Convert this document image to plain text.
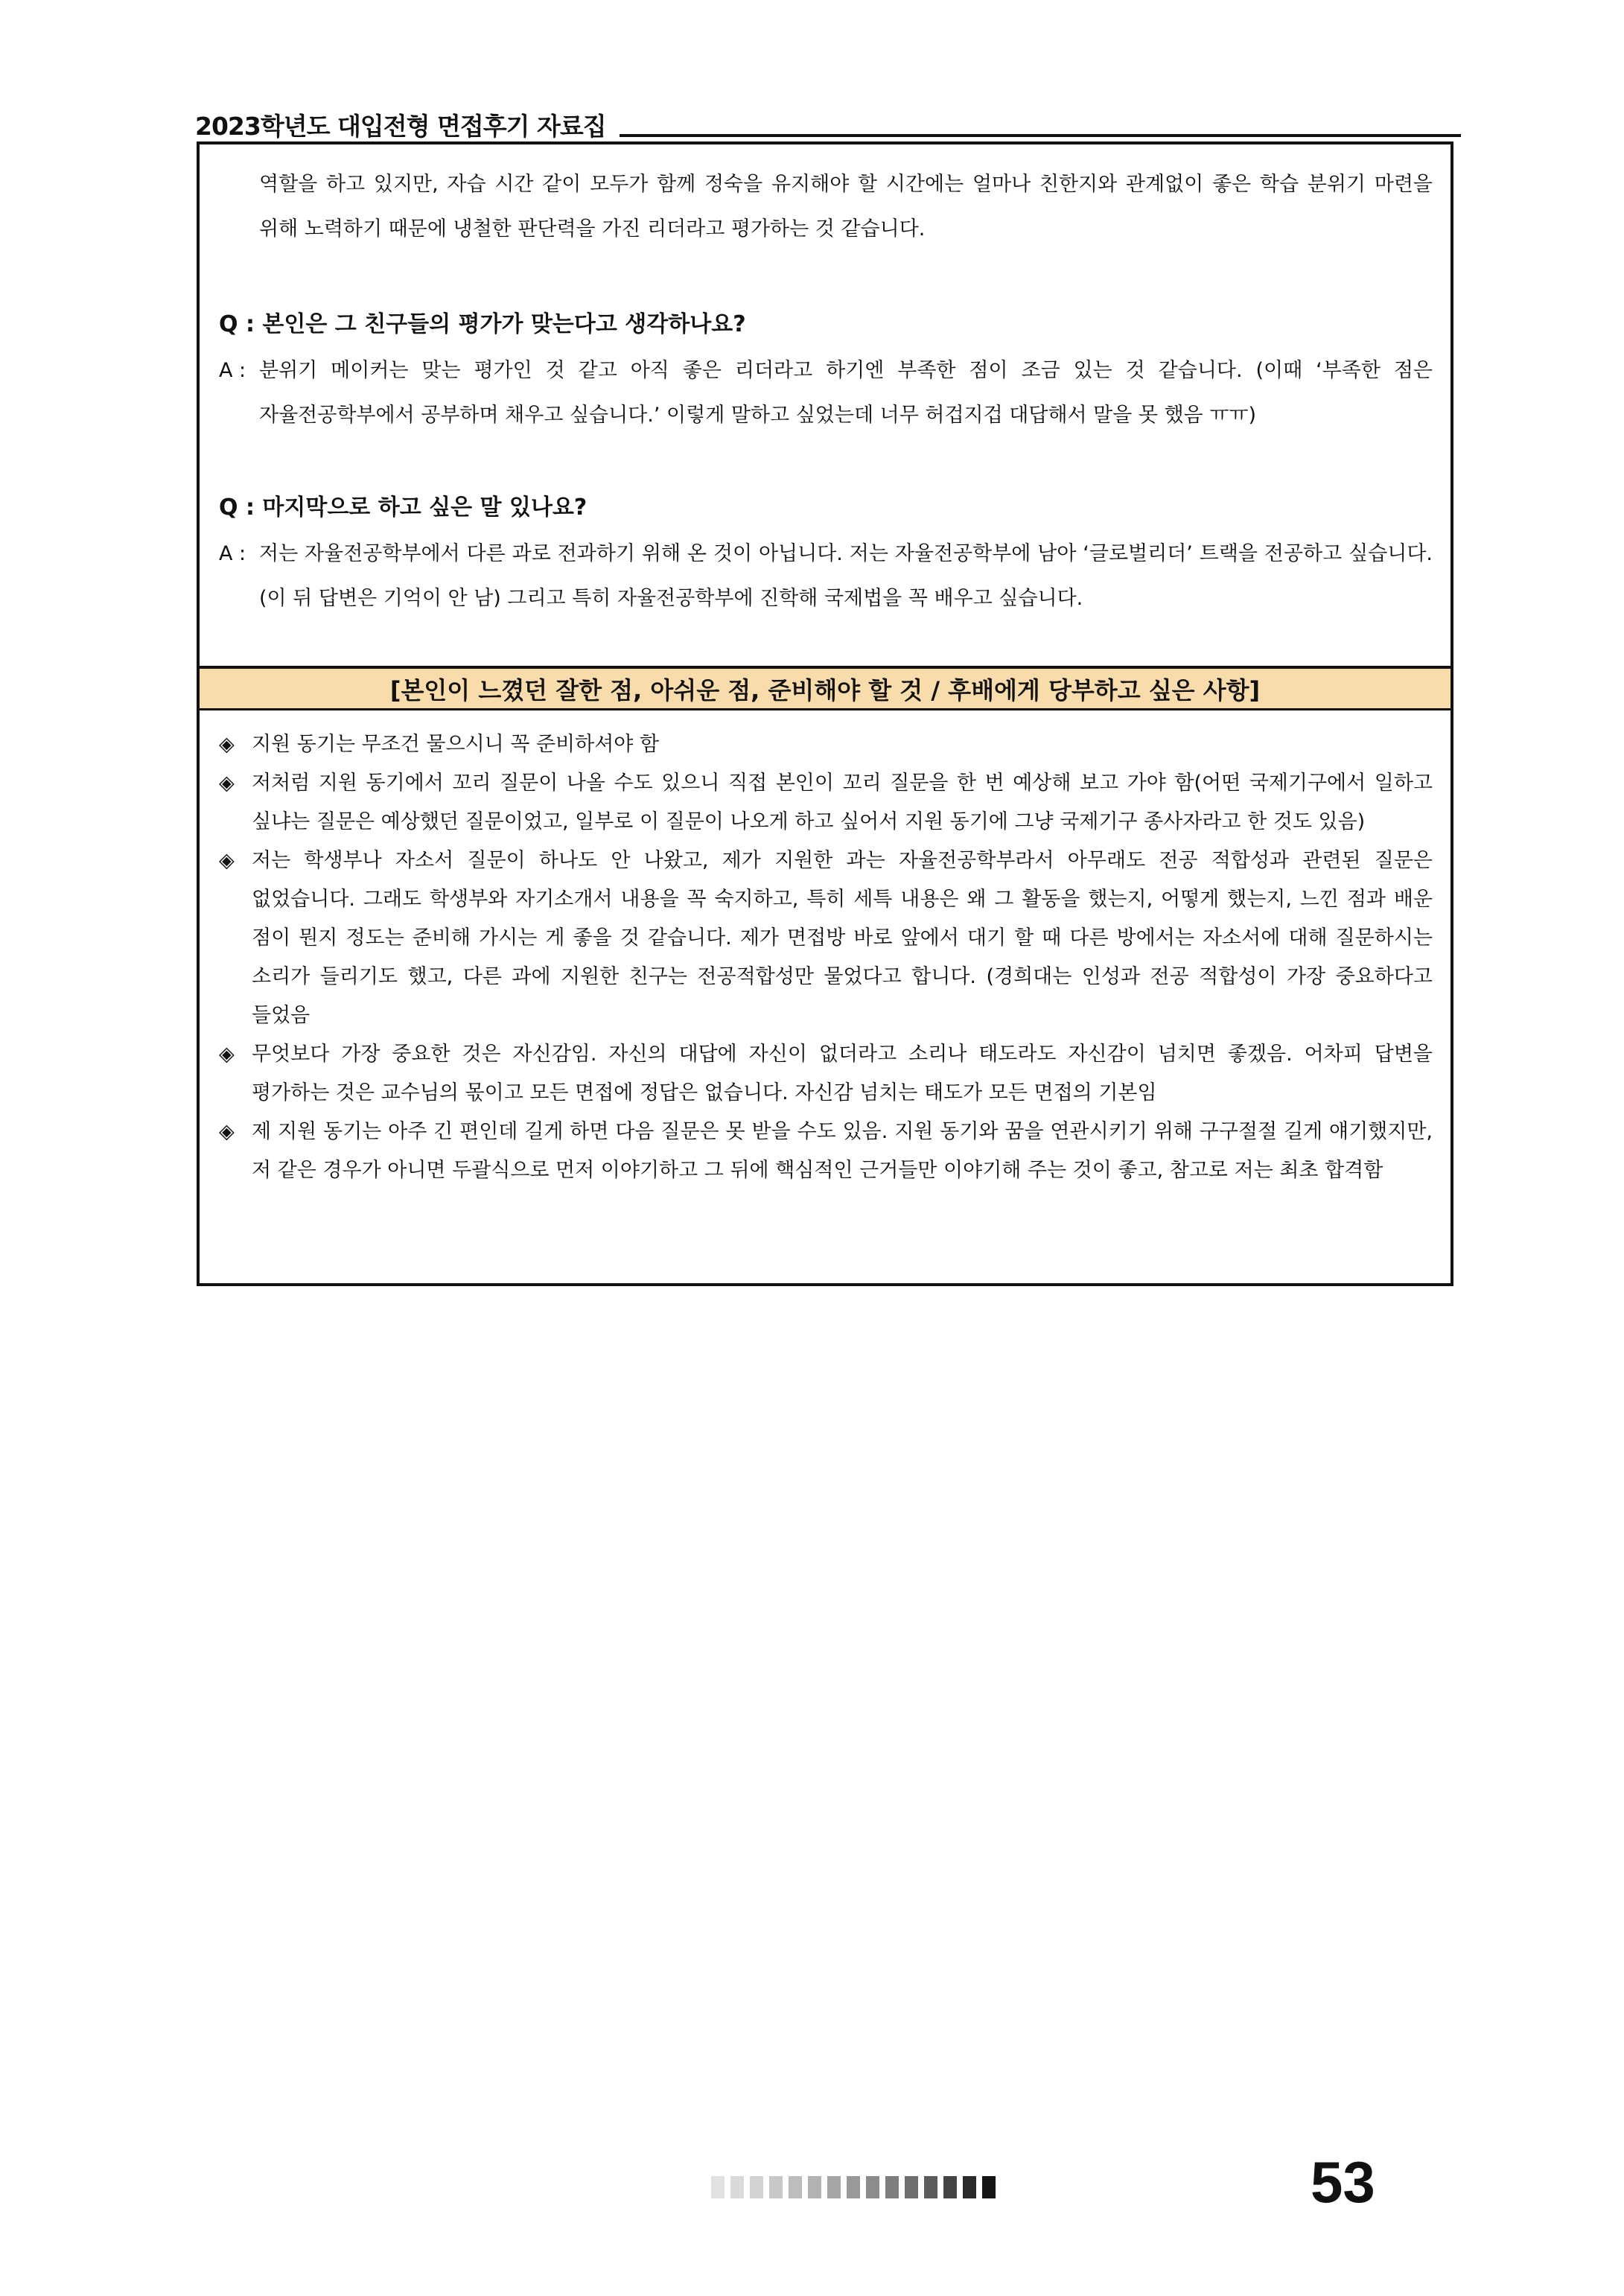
2023학년도 대입전형 면접후기 자료집

역할을 하고 있지만, 자습 시간 같이 모두가 함께 정숙을 유지해야 할 시간에는 얼마나 친한지와 관계없이 좋은 학습 분위기 마련을 위해 노력하기 때문에 냉철한 판단력을 가진 리더라고 평가하는 것 같습니다.

Q : 본인은 그 친구들의 평가가 맞는다고 생각하나요?
A : 분위기 메이커는 맞는 평가인 것 같고 아직 좋은 리더라고 하기엔 부족한 점이 조금 있는 것 같습니다. (이때 ‘부족한 점은 자율전공학부에서 공부하며 채우고 싶습니다.’ 이렇게 말하고 싶었는데 너무 허겁지겁 대답해서 말을 못 했음 ㅠㅠ)

Q : 마지막으로 하고 싶은 말 있나요?
A : 저는 자율전공학부에서 다른 과로 전과하기 위해 온 것이 아닙니다. 저는 자율전공학부에 남아 ‘글로벌리더’ 트랙을 전공하고 싶습니다. (이 뒤 답변은 기억이 안 남) 그리고 특히 자율전공학부에 진학해 국제법을 꼭 배우고 싶습니다.

[본인이 느꼈던 잘한 점, 아쉬운 점, 준비해야 할 것 / 후배에게 당부하고 싶은 사항]
◈ 지원 동기는 무조건 물으시니 꼭 준비하셔야 함
◈ 저처럼 지원 동기에서 꼬리 질문이 나올 수도 있으니 직접 본인이 꼬리 질문을 한 번 예상해 보고 가야 함(어떤 국제기구에서 일하고 싶냐는 질문은 예상했던 질문이었고, 일부로 이 질문이 나오게 하고 싶어서 지원 동기에 그냥 국제기구 종사자라고 한 것도 있음)
◈ 저는 학생부나 자소서 질문이 하나도 안 나왔고, 제가 지원한 과는 자율전공학부라서 아무래도 전공 적합성과 관련된 질문은 없었습니다. 그래도 학생부와 자기소개서 내용을 꼭 숙지하고, 특히 세특 내용은 왜 그 활동을 했는지, 어떻게 했는지, 느낀 점과 배운 점이 뭔지 정도는 준비해 가시는 게 좋을 것 같습니다. 제가 면접방 바로 앞에서 대기 할 때 다른 방에서는 자소서에 대해 질문하시는 소리가 들리기도 했고, 다른 과에 지원한 친구는 전공적합성만 물었다고 합니다. (경희대는 인성과 전공 적합성이 가장 중요하다고 들었음
◈ 무엇보다 가장 중요한 것은 자신감임. 자신의 대답에 자신이 없더라고 소리나 태도라도 자신감이 넘치면 좋겠음. 어차피 답변을 평가하는 것은 교수님의 몫이고 모든 면접에 정답은 없습니다. 자신감 넘치는 태도가 모든 면접의 기본임
◈ 제 지원 동기는 아주 긴 편인데 길게 하면 다음 질문은 못 받을 수도 있음. 지원 동기와 꿈을 연관시키기 위해 구구절절 길게 얘기했지만, 저 같은 경우가 아니면 두괄식으로 먼저 이야기하고 그 뒤에 핵심적인 근거들만 이야기해 주는 것이 좋고, 참고로 저는 최초 합격함
53
